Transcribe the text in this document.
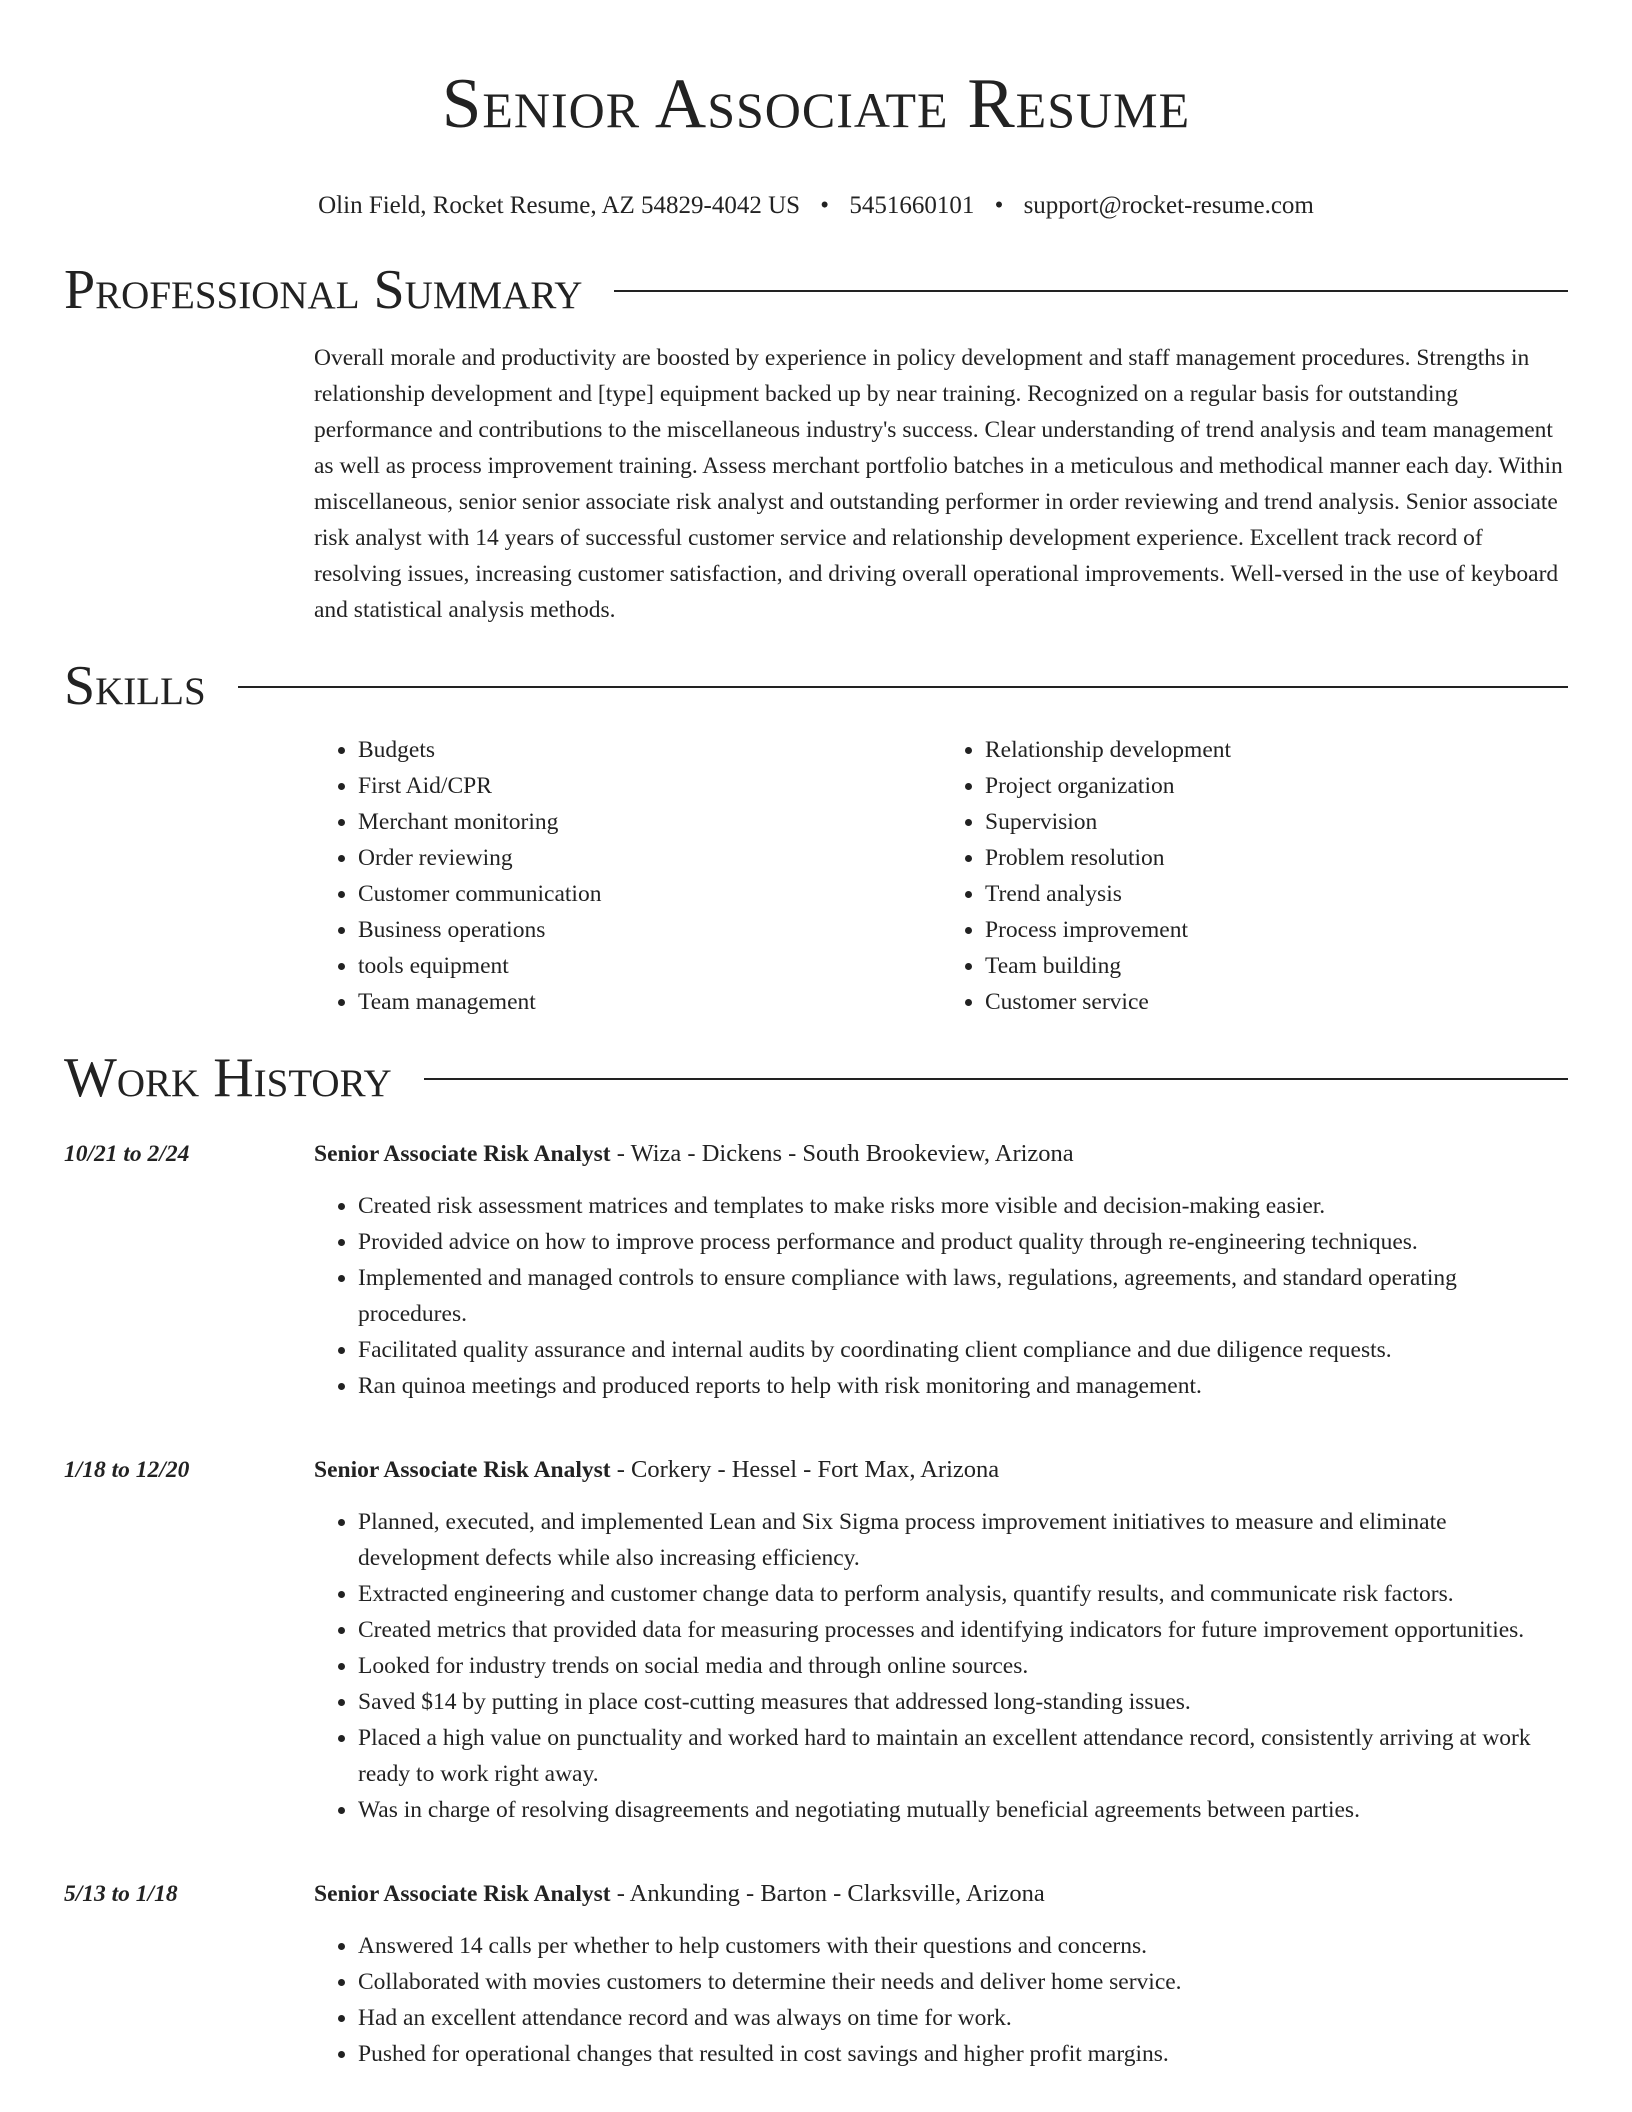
Senior Associate Resume
Olin Field, Rocket Resume, AZ 54829-4042 US • 5451660101 • support@rocket-resume.com
Professional Summary

Overall morale and productivity are boosted by experience in policy development and staff management procedures. Strengths in relationship development and [type] equipment backed up by near training. Recognized on a regular basis for outstanding performance and contributions to the miscellaneous industry's success. Clear understanding of trend analysis and team management as well as process improvement training. Assess merchant portfolio batches in a meticulous and methodical manner each day. Within miscellaneous, senior senior associate risk analyst and outstanding performer in order reviewing and trend analysis. Senior associate risk analyst with 14 years of successful customer service and relationship development experience. Excellent track record of resolving issues, increasing customer satisfaction, and driving overall operational improvements. Well-versed in the use of keyboard and statistical analysis methods.

Skills
• Budgets
• First Aid/CPR
• Merchant monitoring
• Order reviewing
• Customer communication
• Business operations
• tools equipment
• Team management
• Relationship development
• Project organization
• Supervision
• Problem resolution
• Trend analysis
• Process improvement
• Team building
• Customer service
Work History
10/21 to 2/24	Senior Associate Risk Analyst - Wiza - Dickens - South Brookeview, Arizona
• Created risk assessment matrices and templates to make risks more visible and decision-making easier.
• Provided advice on how to improve process performance and product quality through re-engineering techniques.
• Implemented and managed controls to ensure compliance with laws, regulations, agreements, and standard operating procedures.
• Facilitated quality assurance and internal audits by coordinating client compliance and due diligence requests.
• Ran quinoa meetings and produced reports to help with risk monitoring and management.
1/18 to 12/20	Senior Associate Risk Analyst - Corkery - Hessel - Fort Max, Arizona
• Planned, executed, and implemented Lean and Six Sigma process improvement initiatives to measure and eliminate development defects while also increasing efficiency.
• Extracted engineering and customer change data to perform analysis, quantify results, and communicate risk factors.
• Created metrics that provided data for measuring processes and identifying indicators for future improvement opportunities.
• Looked for industry trends on social media and through online sources.
• Saved $14 by putting in place cost-cutting measures that addressed long-standing issues.
• Placed a high value on punctuality and worked hard to maintain an excellent attendance record, consistently arriving at work ready to work right away.
• Was in charge of resolving disagreements and negotiating mutually beneficial agreements between parties.
5/13 to 1/18	Senior Associate Risk Analyst - Ankunding - Barton - Clarksville, Arizona
• Answered 14 calls per whether to help customers with their questions and concerns.
• Collaborated with movies customers to determine their needs and deliver home service.
• Had an excellent attendance record and was always on time for work.
• Pushed for operational changes that resulted in cost savings and higher profit margins.
